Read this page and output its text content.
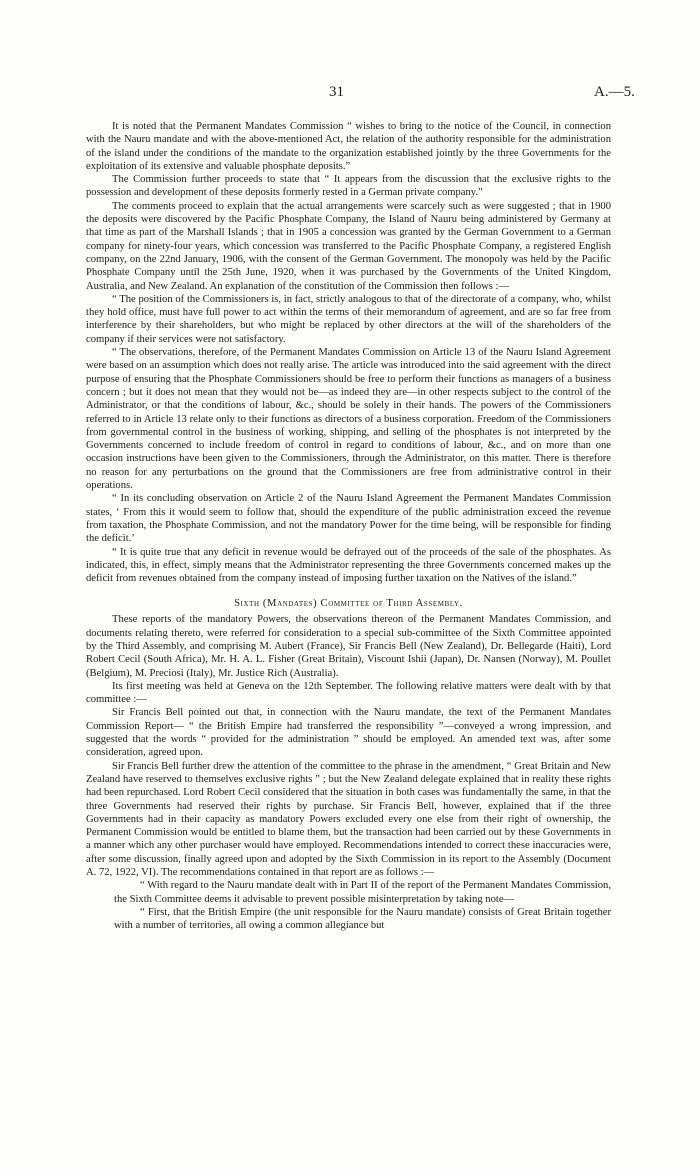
31	A.—5.

It is noted that the Permanent Mandates Commission “ wishes to bring to the notice of the Council, in connection with the Nauru mandate and with the above-mentioned Act, the relation of the authority responsible for the administration of the island under the conditions of the mandate to the organization established jointly by the three Governments for the exploitation of its extensive and valuable phosphate deposits.”

The Commission further proceeds to state that “ It appears from the discussion that the exclusive rights to the possession and development of these deposits formerly rested in a German private company.”

The comments proceed to explain that the actual arrangements were scarcely such as were suggested ; that in 1900 the deposits were discovered by the Pacific Phosphate Company, the Island of Nauru being administered by Germany at that time as part of the Marshall Islands ; that in 1905 a concession was granted by the German Government to a German company for ninety-four years, which concession was transferred to the Pacific Phosphate Company, a registered English company, on the 22nd January, 1906, with the consent of the German Government. The monopoly was held by the Pacific Phosphate Company until the 25th June, 1920, when it was purchased by the Governments of the United Kingdom, Australia, and New Zealand. An explanation of the constitution of the Commission then follows :—

“ The position of the Commissioners is, in fact, strictly analogous to that of the directorate of a company, who, whilst they hold office, must have full power to act within the terms of their memorandum of agreement, and are so far free from interference by their shareholders, but who might be replaced by other directors at the will of the shareholders of the company if their services were not satisfactory.

“ The observations, therefore, of the Permanent Mandates Commission on Article 13 of the Nauru Island Agreement were based on an assumption which does not really arise. The article was introduced into the said agreement with the direct purpose of ensuring that the Phosphate Commissioners should be free to perform their functions as managers of a business concern ; but it does not mean that they would not be—as indeed they are—in other respects subject to the control of the Administrator, or that the conditions of labour, &c., should be solely in their hands. The powers of the Commissioners referred to in Article 13 relate only to their functions as directors of a business corporation. Freedom of the Commissioners from governmental control in the business of working, shipping, and selling of the phosphates is not interpreted by the Governments concerned to include freedom of control in regard to conditions of labour, &c., and on more than one occasion instructions have been given to the Commissioners, through the Administrator, on this matter. There is therefore no reason for any perturbations on the ground that the Commissioners are free from administrative control in their operations.

“ In its concluding observation on Article 2 of the Nauru Island Agreement the Permanent Mandates Commission states, ‘ From this it would seem to follow that, should the expenditure of the public administration exceed the revenue from taxation, the Phosphate Commission, and not the mandatory Power for the time being, will be responsible for finding the deficit.’

“ It is quite true that any deficit in revenue would be defrayed out of the proceeds of the sale of the phosphates. As indicated, this, in effect, simply means that the Administrator representing the three Governments concerned makes up the deficit from revenues obtained from the company instead of imposing further taxation on the Natives of the island.”

Sixth (Mandates) Committee of Third Assembly.

These reports of the mandatory Powers, the observations thereon of the Permanent Mandates Commission, and documents relating thereto, were referred for consideration to a special sub-committee of the Sixth Committee appointed by the Third Assembly, and comprising M. Aubert (France), Sir Francis Bell (New Zealand), Dr. Bellegarde (Haiti), Lord Robert Cecil (South Africa), Mr. H. A. L. Fisher (Great Britain), Viscount Ishii (Japan), Dr. Nansen (Norway), M. Poullet (Belgium), M. Preciosi (Italy), Mr. Justice Rich (Australia).

Its first meeting was held at Geneva on the 12th September. The following relative matters were dealt with by that committee :—

Sir Francis Bell pointed out that, in connection with the Nauru mandate, the text of the Permanent Mandates Commission Report— “ the British Empire had transferred the responsibility ”—conveyed a wrong impression, and suggested that the words “ provided for the administration ” should be employed. An amended text was, after some consideration, agreed upon.

Sir Francis Bell further drew the attention of the committee to the phrase in the amendment, “ Great Britain and New Zealand have reserved to themselves exclusive rights ” ; but the New Zealand delegate explained that in reality these rights had been repurchased. Lord Robert Cecil considered that the situation in both cases was fundamentally the same, in that the three Governments had reserved their rights by purchase. Sir Francis Bell, however, explained that if the three Governments had in their capacity as mandatory Powers excluded every one else from their right of ownership, the Permanent Commission would be entitled to blame them, but the transaction had been carried out by these Governments in a manner which any other purchaser would have employed. Recommendations intended to correct these inaccuracies were, after some discussion, finally agreed upon and adopted by the Sixth Commission in its report to the Assembly (Document A. 72, 1922, VI). The recommendations contained in that report are as follows :—

“ With regard to the Nauru mandate dealt with in Part II of the report of the Permanent Mandates Commission, the Sixth Committee deems it advisable to prevent possible misinterpretation by taking note—

“ First, that the British Empire (the unit responsible for the Nauru mandate) consists of Great Britain together with a number of territories, all owing a common allegiance but
